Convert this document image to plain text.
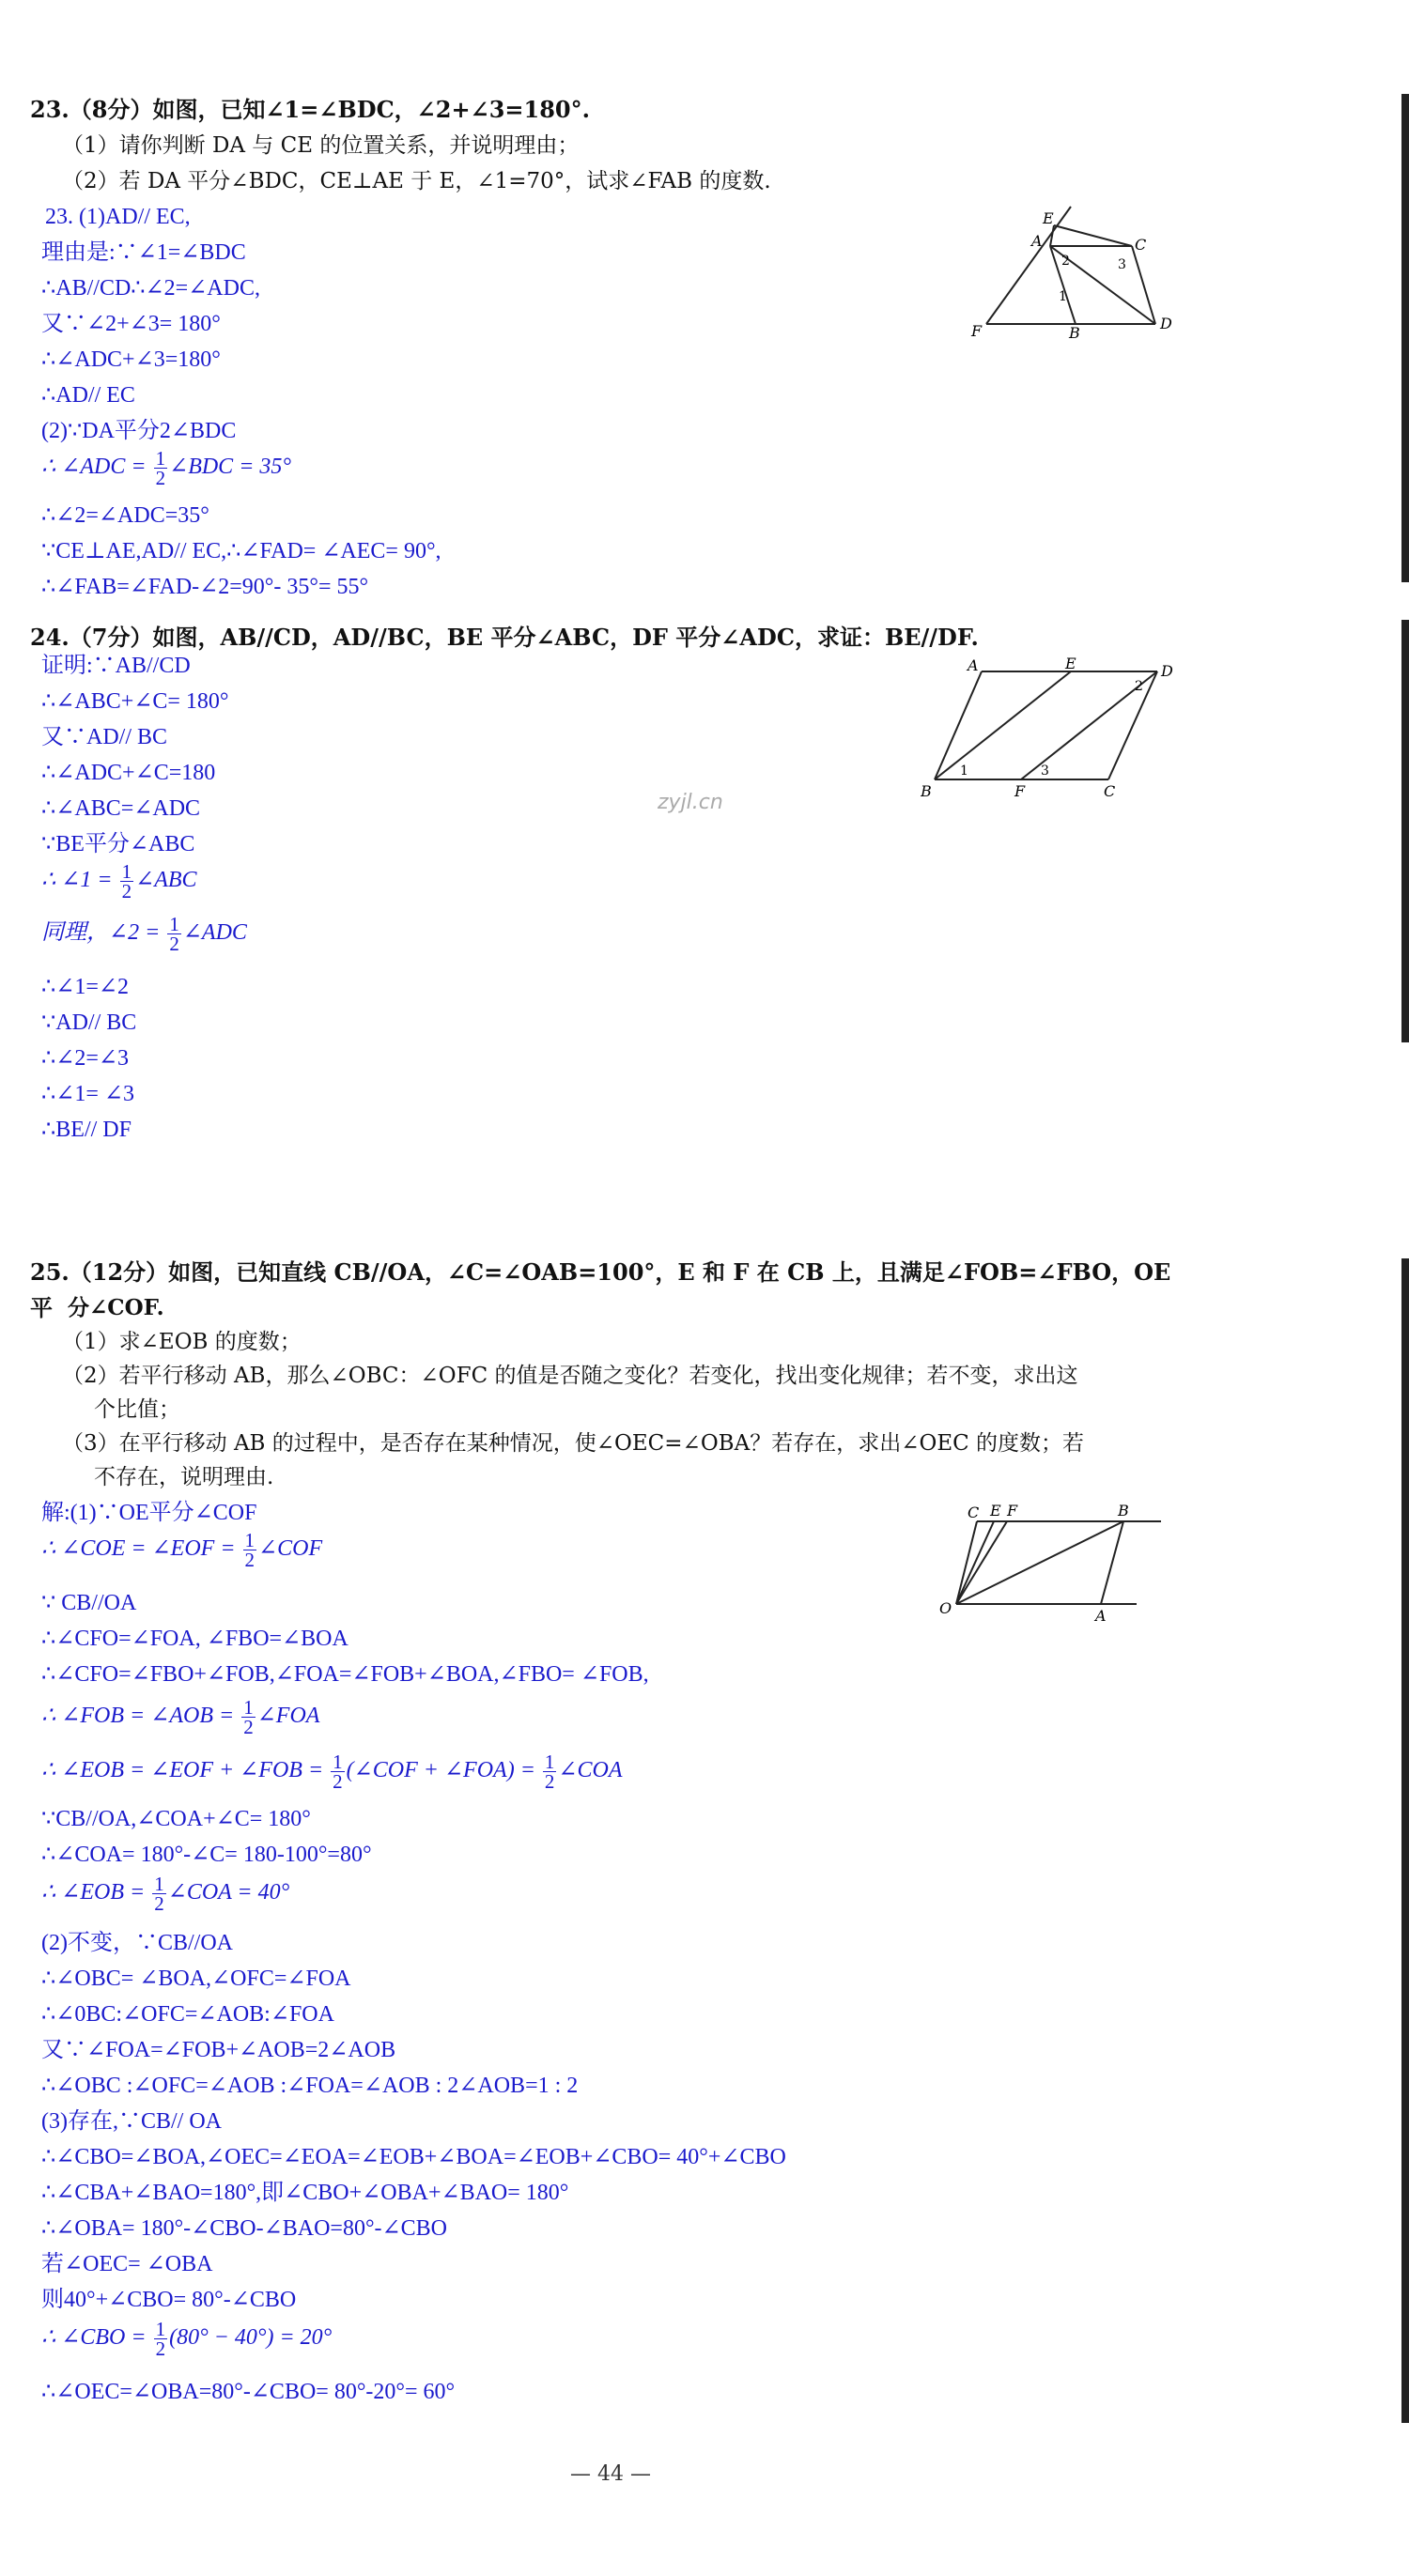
23.（8分）如图，已知∠1=∠BDC，∠2+∠3=180°.
（1）请你判断 DA 与 CE 的位置关系，并说明理由；
（2）若 DA 平分∠BDC，CE⊥AE 于 E，∠1=70°，试求∠FAB 的度数.
23. (1)AD// EC,
理由是:∵∠1=∠BDC
∴AB//CD∴∠2=∠ADC,
又∵∠2+∠3= 180°
∴∠ADC+∠3=180°
∴AD// EC
(2)∵DA平分2∠BDC
∴ ∠ADC = $\frac{1}{2}$ ∠BDC = 35°
∴∠2=∠ADC=35°
∵CE⊥AE,AD// EC,∴∠FAD= ∠AEC= 90°,
∴∠FAB=∠FAD-∠2=90°- 35°= 55°
E
A	C
F	B
D
1
2	3
24.（7分）如图，AB//CD，AD//BC，BE 平分∠ABC，DF 平分∠ADC，求证：BE//DF.
证明:∵AB//CD
∴∠ABC+∠C= 180°
又∵AD// BC
∴∠ADC+∠C=180
∴∠ABC=∠ADC
∵BE平分∠ABC
∴ ∠1 = $\frac{1}{2}$ ∠ABC
同理，∠2 = $\frac{1}{2}$ ∠ADC
∴∠1=∠2
∵AD// BC
∴∠2=∠3
∴∠1= ∠3
∴BE// DF
zyjl.cn
A	E	D
B	F	C
1
2
3
25.（12分）如图，已知直线 CB//OA，∠C=∠OAB=100°，E 和 F 在 CB 上，且满足∠FOB=∠FBO，OE 平 分∠COF.
（1）求∠EOB 的度数；
（2）若平行移动 AB，那么∠OBC：∠OFC 的值是否随之变化？若变化，找出变化规律；若不变，求出这
个比值；
（3）在平行移动 AB 的过程中，是否存在某种情况，使∠OEC=∠OBA？若存在，求出∠OEC 的度数；若
不存在，说明理由.
解:(1)∵OE平分∠COF
∴ ∠COE = ∠EOF = $\frac{1}{2}$ ∠COF
∵ CB//OA
∴∠CFO=∠FOA, ∠FBO=∠BOA
∴∠CFO=∠FBO+∠FOB,∠FOA=∠FOB+∠BOA,∠FBO= ∠FOB,
∴ ∠FOB = ∠AOB = $\frac{1}{2}$ ∠FOA
∴ ∠EOB = ∠EOF + ∠FOB = $\frac{1}{2}$ (∠COF + ∠FOA) = $\frac{1}{2}$ ∠COA
∵CB//OA,∠COA+∠C= 180°
∴∠COA= 180°-∠C= 180-100°=80°
∴ ∠EOB = $\frac{1}{2}$ ∠COA = 40°
(2)不变，∵CB//OA
∴∠OBC= ∠BOA,∠OFC=∠FOA
∴∠0BC:∠OFC=∠AOB:∠FOA
又∵∠FOA=∠FOB+∠AOB=2∠AOB
∴∠OBC :∠OFC=∠AOB :∠FOA=∠AOB : 2∠AOB=1 : 2
(3)存在,∵CB// OA
∴∠CBO=∠BOA,∠OEC=∠EOA=∠EOB+∠BOA=∠EOB+∠CBO= 40°+∠CBO
∴∠CBA+∠BAO=180°,即∠CBO+∠OBA+∠BAO= 180°
∴∠OBA= 180°-∠CBO-∠BAO=80°-∠CBO
若∠OEC= ∠OBA
则40°+∠CBO= 80°-∠CBO
∴ ∠CBO = $\frac{1}{2} (80^\circ - 40^\circ) = 20^\circ$
∴∠OEC=∠OBA=80°-∠CBO= 80°-20°= 60°
C E F	B
O	A
— 44 —
